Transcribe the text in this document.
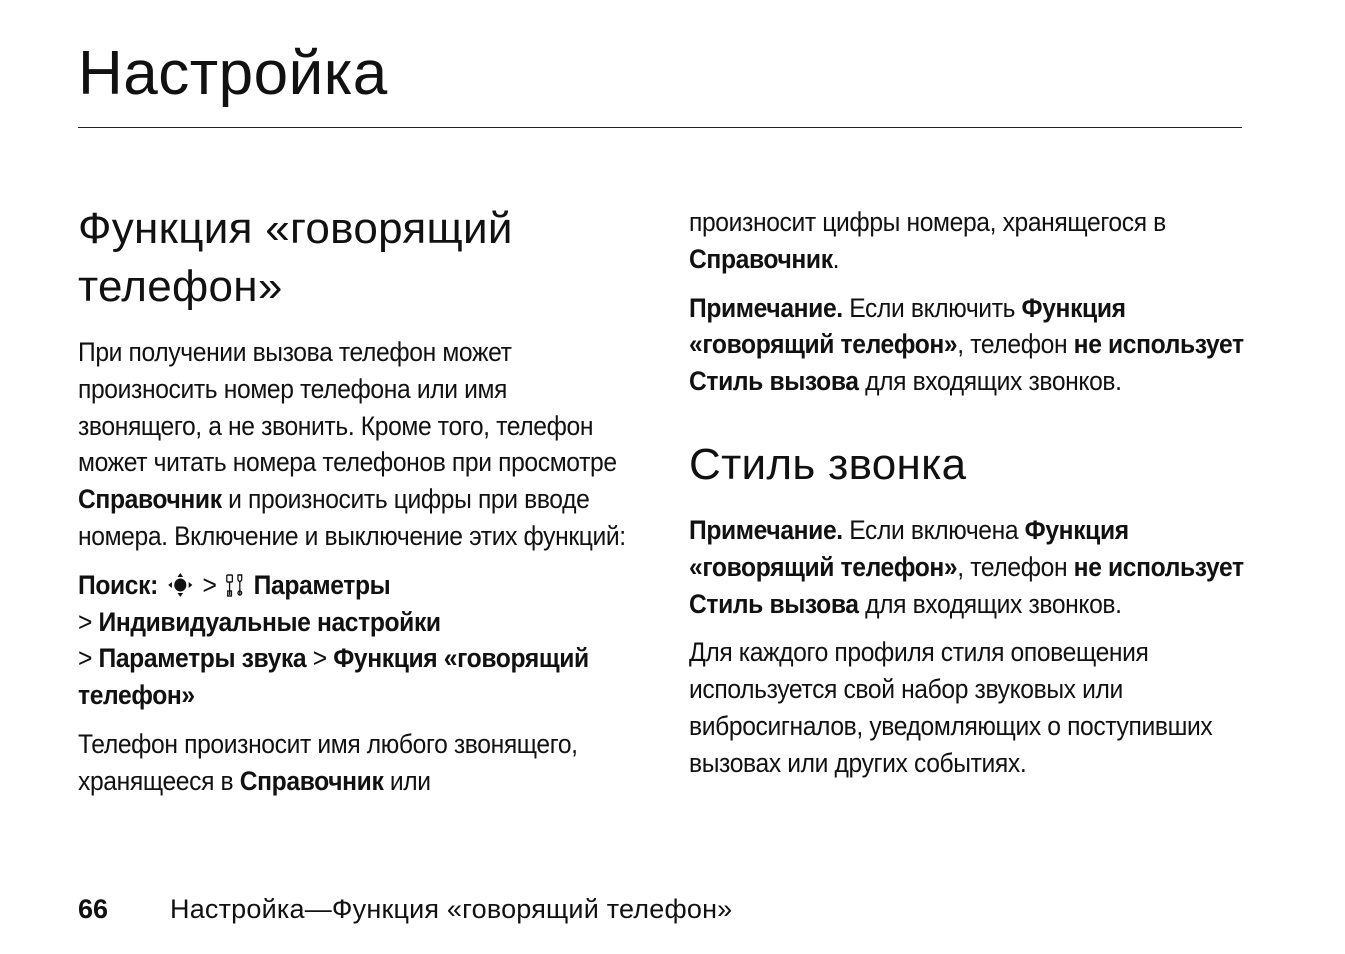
Настройка
Функция «говорящий телефон»

При получении вызова телефон может произносить номер телефона или имя звонящего, а не звонить. Кроме того, телефон может читать номера телефонов при просмотре Справочник и произносить цифры при вводе номера. Включение и выключение этих функций:

Поиск:  >  Параметры
> Индивидуальные настройки
> Параметры звука > Функция «говорящий телефон»

Телефон произносит имя любого звонящего, хранящееся в Справочник или

произносит цифры номера, хранящегося в Справочник.

Примечание. Если включить Функция «говорящий телефон», телефон не использует Стиль вызова для входящих звонков.

Стиль звонка

Примечание. Если включена Функция «говорящий телефон», телефон не использует Стиль вызова для входящих звонков.

Для каждого профиля стиля оповещения используется свой набор звуковых или вибросигналов, уведомляющих о поступивших вызовах или других событиях.

66	Настройка—Функция «говорящий телефон»
